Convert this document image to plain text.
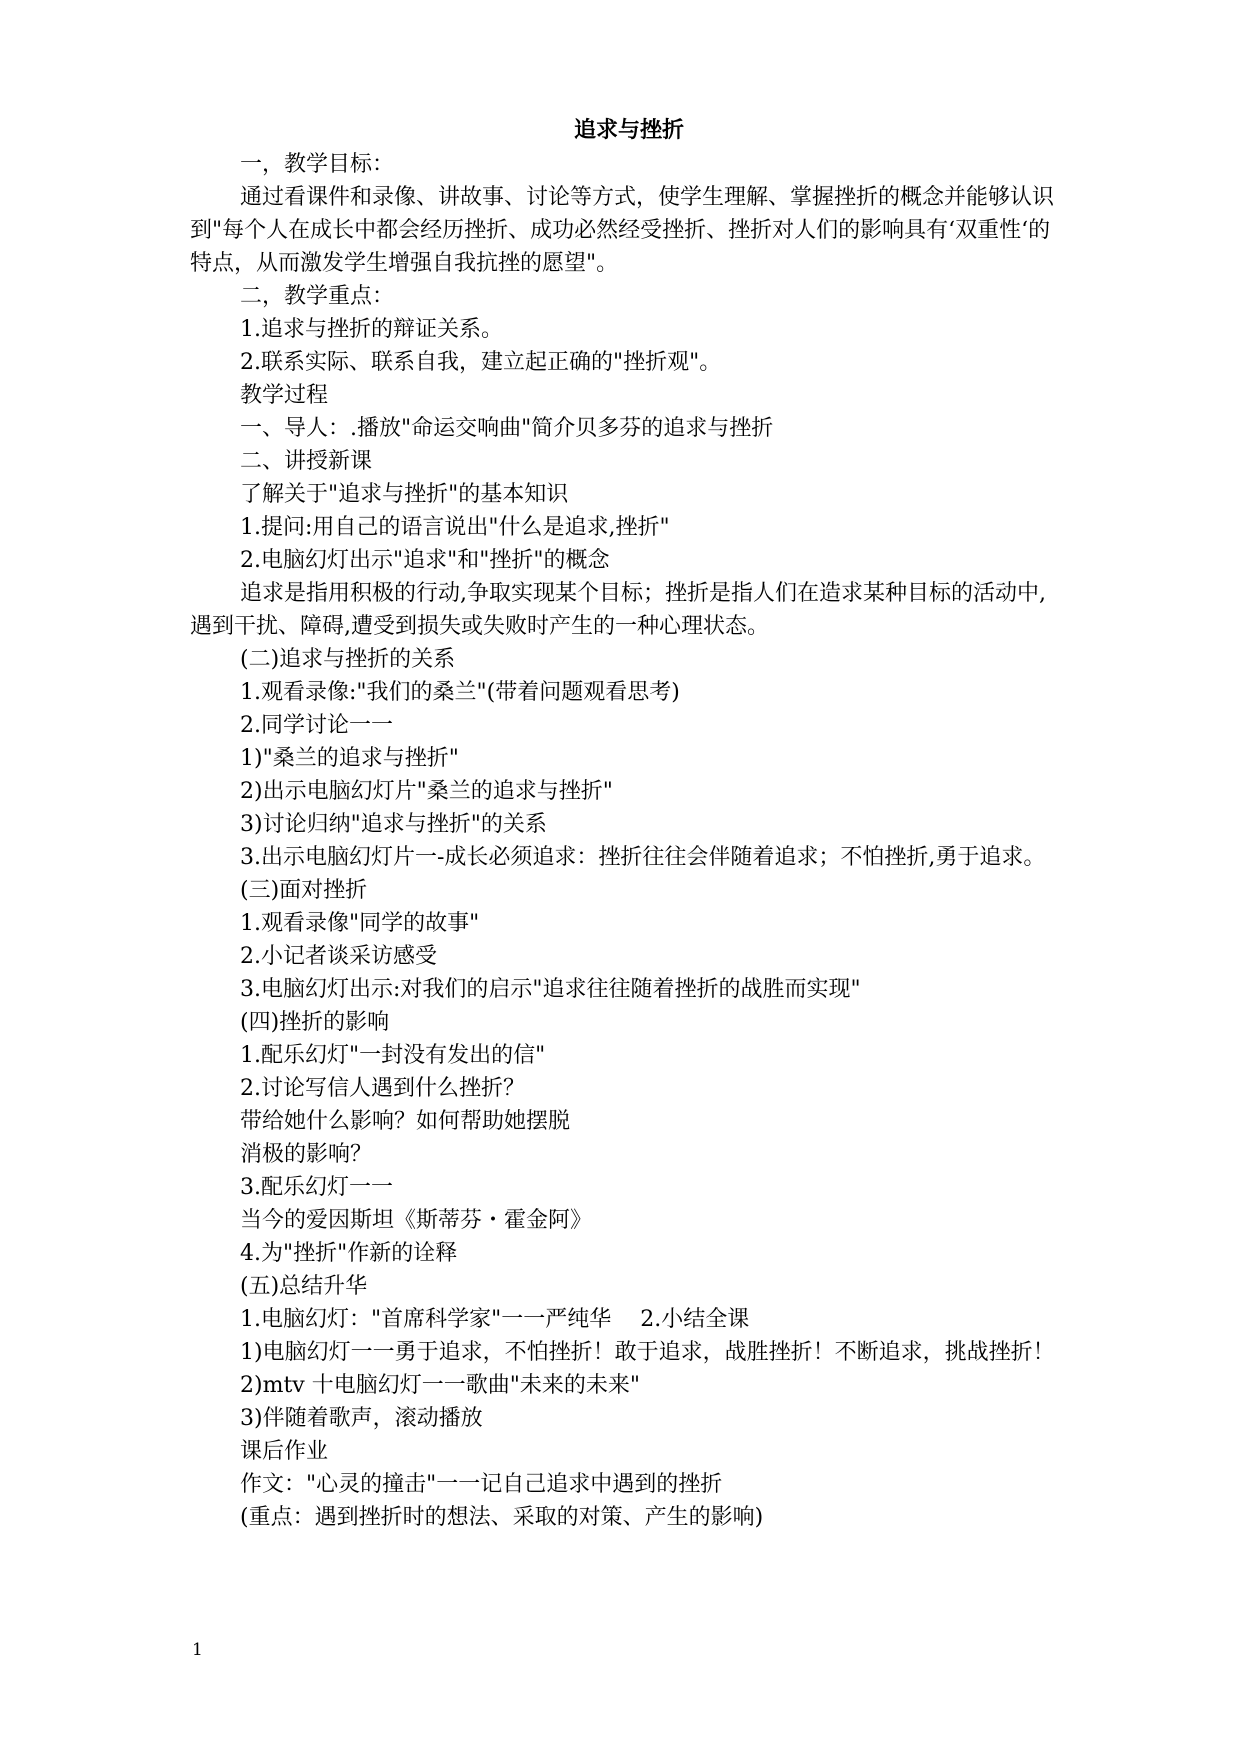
追求与挫折

一，教学目标：

通过看课件和录像、讲故事、讨论等方式，使学生理解、掌握挫折的概念并能够认识到"每个人在成长中都会经历挫折、成功必然经受挫折、挫折对人们的影响具有‘双重性‘的特点，从而激发学生增强自我抗挫的愿望"。

二，教学重点：

1.追求与挫折的辩证关系。

2.联系实际、联系自我，建立起正确的"挫折观"。

教学过程

一、导人：.播放"命运交响曲"简介贝多芬的追求与挫折

二、讲授新课

了解关于"追求与挫折"的基本知识

1.提问:用自己的语言说出"什么是追求,挫折"

2.电脑幻灯出示"追求"和"挫折"的概念

追求是指用积极的行动,争取实现某个目标；挫折是指人们在造求某种目标的活动中,遇到干扰、障碍,遭受到损失或失败时产生的一种心理状态。

(二)追求与挫折的关系

1.观看录像:"我们的桑兰"(带着问题观看思考)

2.同学讨论一一

1)"桑兰的追求与挫折"

2)出示电脑幻灯片"桑兰的追求与挫折"

3)讨论归纳"追求与挫折"的关系

3.出示电脑幻灯片一-成长必须追求：挫折往往会伴随着追求；不怕挫折,勇于追求。

(三)面对挫折

1.观看录像"同学的故事"

2.小记者谈采访感受

3.电脑幻灯出示:对我们的启示"追求往往随着挫折的战胜而实现"

(四)挫折的影响

1.配乐幻灯"一封没有发出的信"

2.讨论写信人遇到什么挫折？

带给她什么影响？如何帮助她摆脱

消极的影响？

3.配乐幻灯一一

当今的爱因斯坦《斯蒂芬・霍金阿》

4.为"挫折"作新的诠释

(五)总结升华

1.电脑幻灯："首席科学家"一一严纯华　 2.小结全课

1)电脑幻灯一一勇于追求，不怕挫折！敢于追求，战胜挫折！不断追求，挑战挫折！

2)mtv 十电脑幻灯一一歌曲"未来的未来"

3)伴随着歌声，滚动播放

课后作业

作文："心灵的撞击"一一记自己追求中遇到的挫折

(重点：遇到挫折时的想法、采取的对策、产生的影响)

1
